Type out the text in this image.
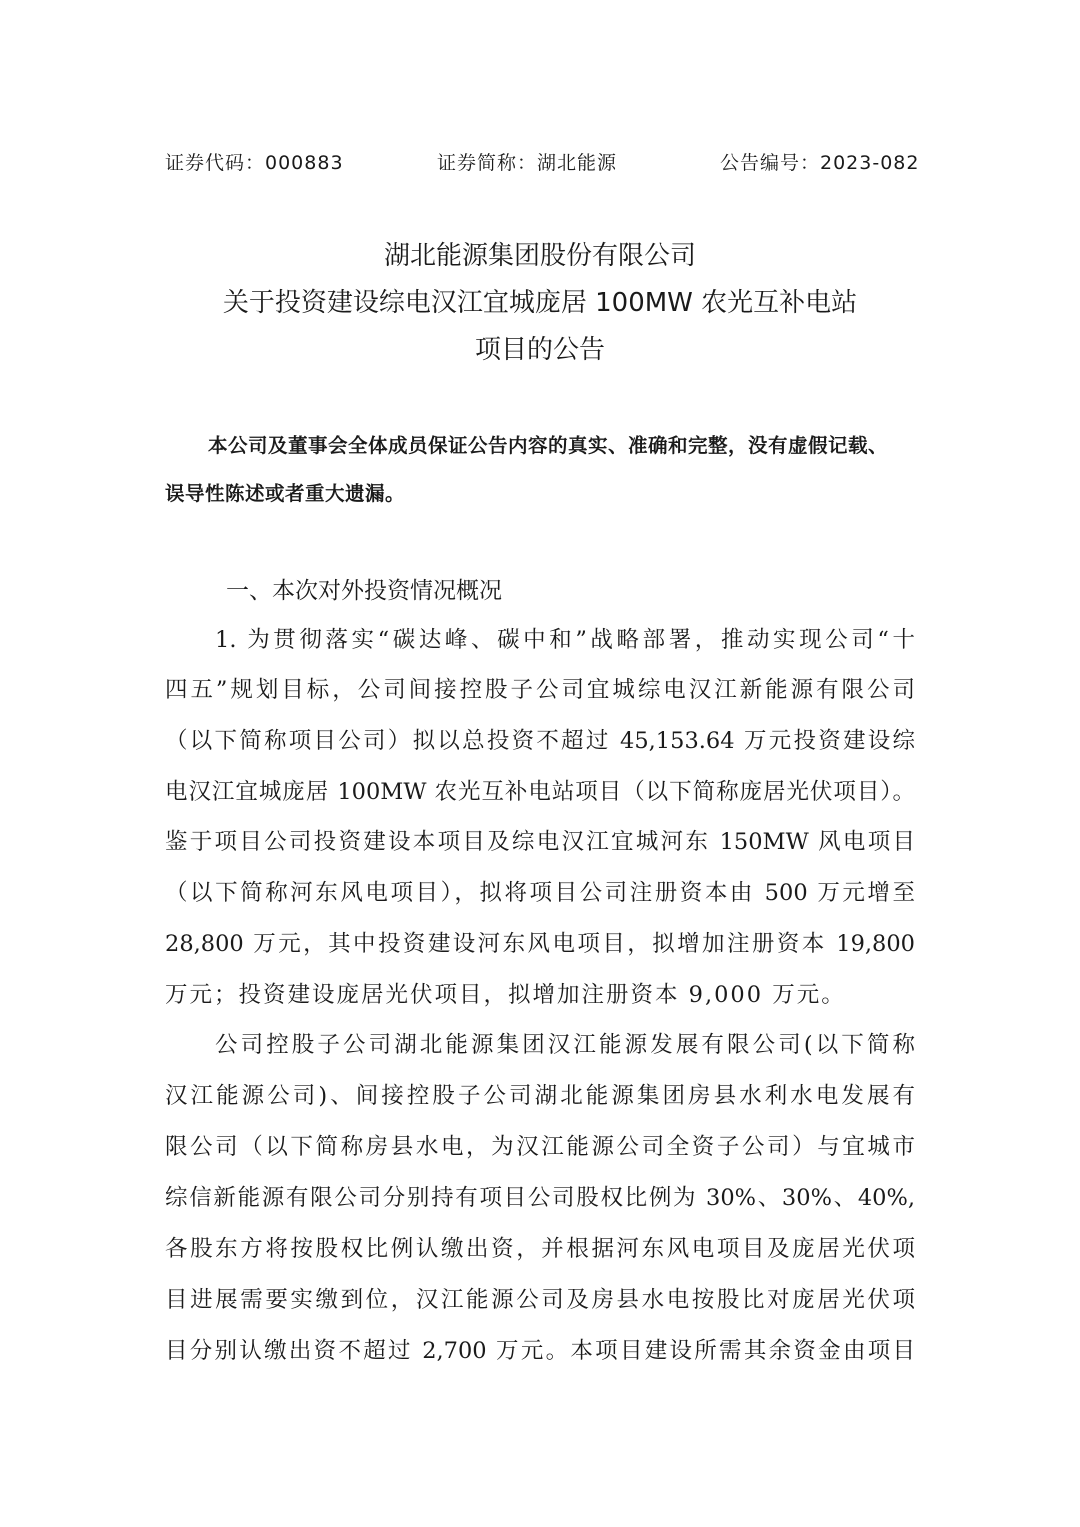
证券代码：000883	证券简称：湖北能源	公告编号：2023-082
湖北能源集团股份有限公司
关于投资建设综电汉江宜城庞居 100MW 农光互补电站
项目的公告
本公司及董事会全体成员保证公告内容的真实、准确和完整，没有虚假记载、
误导性陈述或者重大遗漏。
一、本次对外投资情况概况
1. 为贯彻落实“碳达峰、碳中和”战略部署，推动实现公司“十
四五”规划目标，公司间接控股子公司宜城综电汉江新能源有限公司
（以下简称项目公司）拟以总投资不超过 45,153.64 万元投资建设综
电汉江宜城庞居 100MW 农光互补电站项目（以下简称庞居光伏项目）。
鉴于项目公司投资建设本项目及综电汉江宜城河东 150MW 风电项目
（以下简称河东风电项目），拟将项目公司注册资本由 500 万元增至
28,800 万元，其中投资建设河东风电项目，拟增加注册资本 19,800
万元；投资建设庞居光伏项目，拟增加注册资本 9,000 万元。
公司控股子公司湖北能源集团汉江能源发展有限公司(以下简称
汉江能源公司)、间接控股子公司湖北能源集团房县水利水电发展有
限公司（以下简称房县水电，为汉江能源公司全资子公司）与宜城市
综信新能源有限公司分别持有项目公司股权比例为 30%、30%、40%,
各股东方将按股权比例认缴出资，并根据河东风电项目及庞居光伏项
目进展需要实缴到位，汉江能源公司及房县水电按股比对庞居光伏项
目分别认缴出资不超过 2,700 万元。本项目建设所需其余资金由项目
